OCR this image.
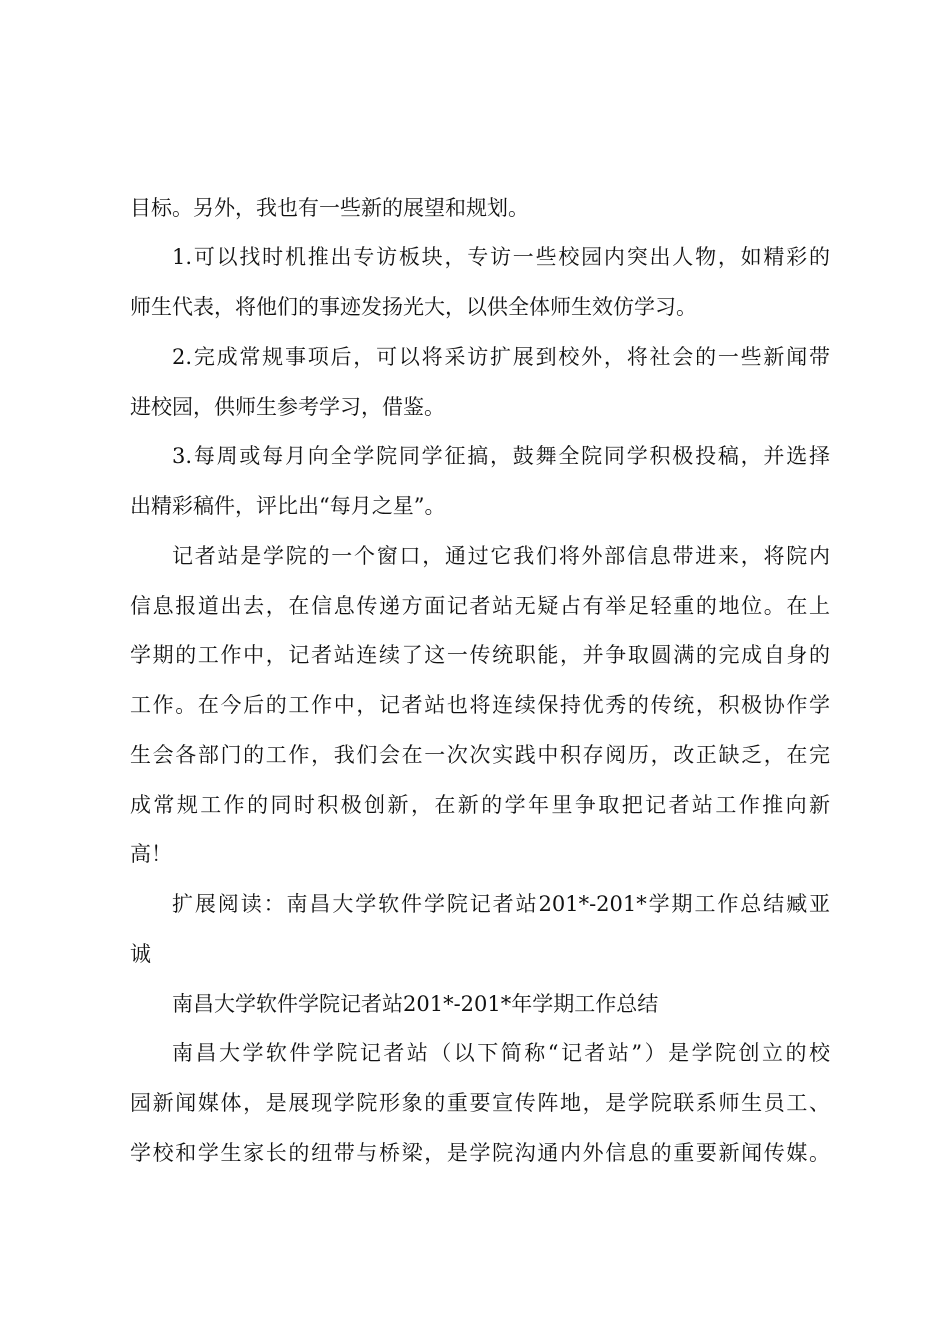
目标。另外，我也有一些新的展望和规划。

1.可以找时机推出专访板块，专访一些校园内突出人物，如精彩的

师生代表，将他们的事迹发扬光大，以供全体师生效仿学习。

2.完成常规事项后，可以将采访扩展到校外，将社会的一些新闻带

进校园，供师生参考学习，借鉴。

3.每周或每月向全学院同学征搞，鼓舞全院同学积极投稿，并选择

出精彩稿件，评比出“每月之星”。

记者站是学院的一个窗口，通过它我们将外部信息带进来，将院内

信息报道出去，在信息传递方面记者站无疑占有举足轻重的地位。在上

学期的工作中，记者站连续了这一传统职能，并争取圆满的完成自身的

工作。在今后的工作中，记者站也将连续保持优秀的传统，积极协作学

生会各部门的工作，我们会在一次次实践中积存阅历，改正缺乏，在完

成常规工作的同时积极创新，在新的学年里争取把记者站工作推向新

高！

扩展阅读：南昌大学软件学院记者站201*-201*学期工作总结臧亚

诚

南昌大学软件学院记者站201*-201*年学期工作总结

南昌大学软件学院记者站（以下简称“记者站”）是学院创立的校

园新闻媒体，是展现学院形象的重要宣传阵地，是学院联系师生员工、

学校和学生家长的纽带与桥梁，是学院沟通内外信息的重要新闻传媒。
